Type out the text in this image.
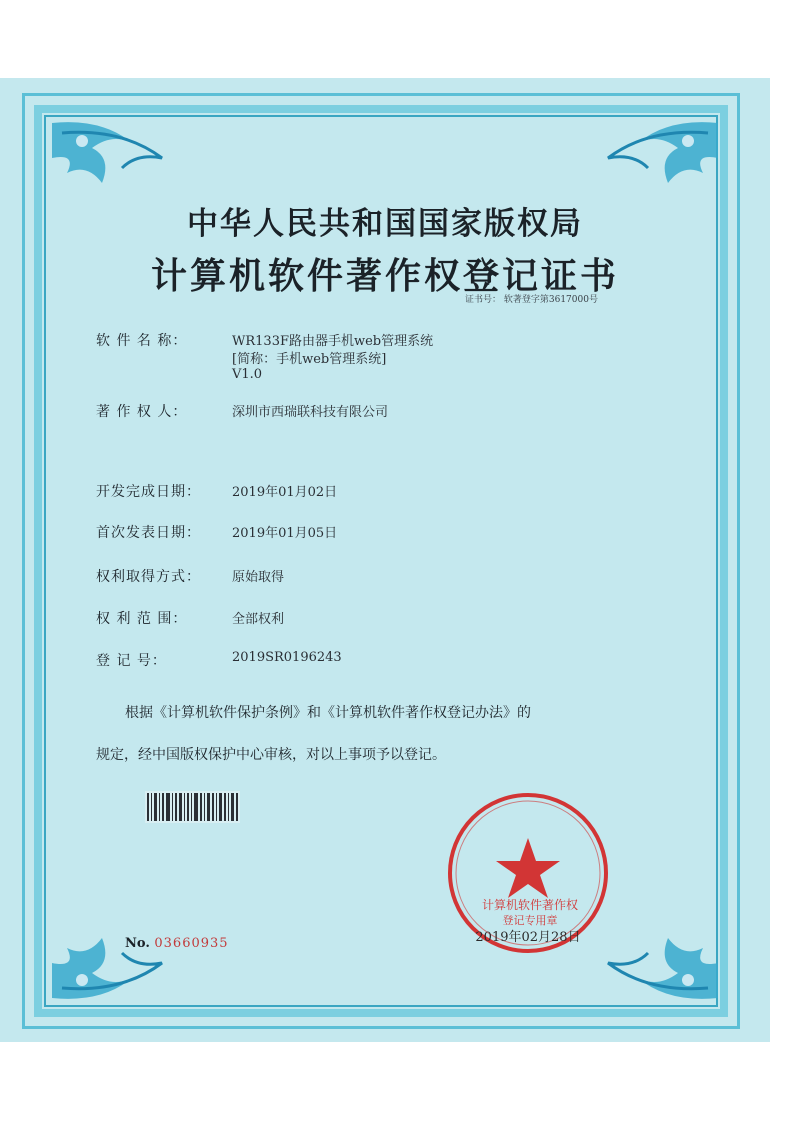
中华人民共和国国家版权局
计算机软件著作权登记证书
证书号： 软著登字第3617000号
软 件 名 称：	WR133F路由器手机web管理系统
[简称：手机web管理系统]
V1.0
著 作 权 人：	深圳市西瑞联科技有限公司
开发完成日期： 2019年01月02日
首次发表日期： 2019年01月05日
权利取得方式： 原始取得
权 利 范 围：	全部权利
登 记 号：	2019SR0196243
根据《计算机软件保护条例》和《计算机软件著作权登记办法》的
规定，经中国版权保护中心审核，对以上事项予以登记。
No. 03660935
计算机软件著作权
登记专用章
2019年02月28日
